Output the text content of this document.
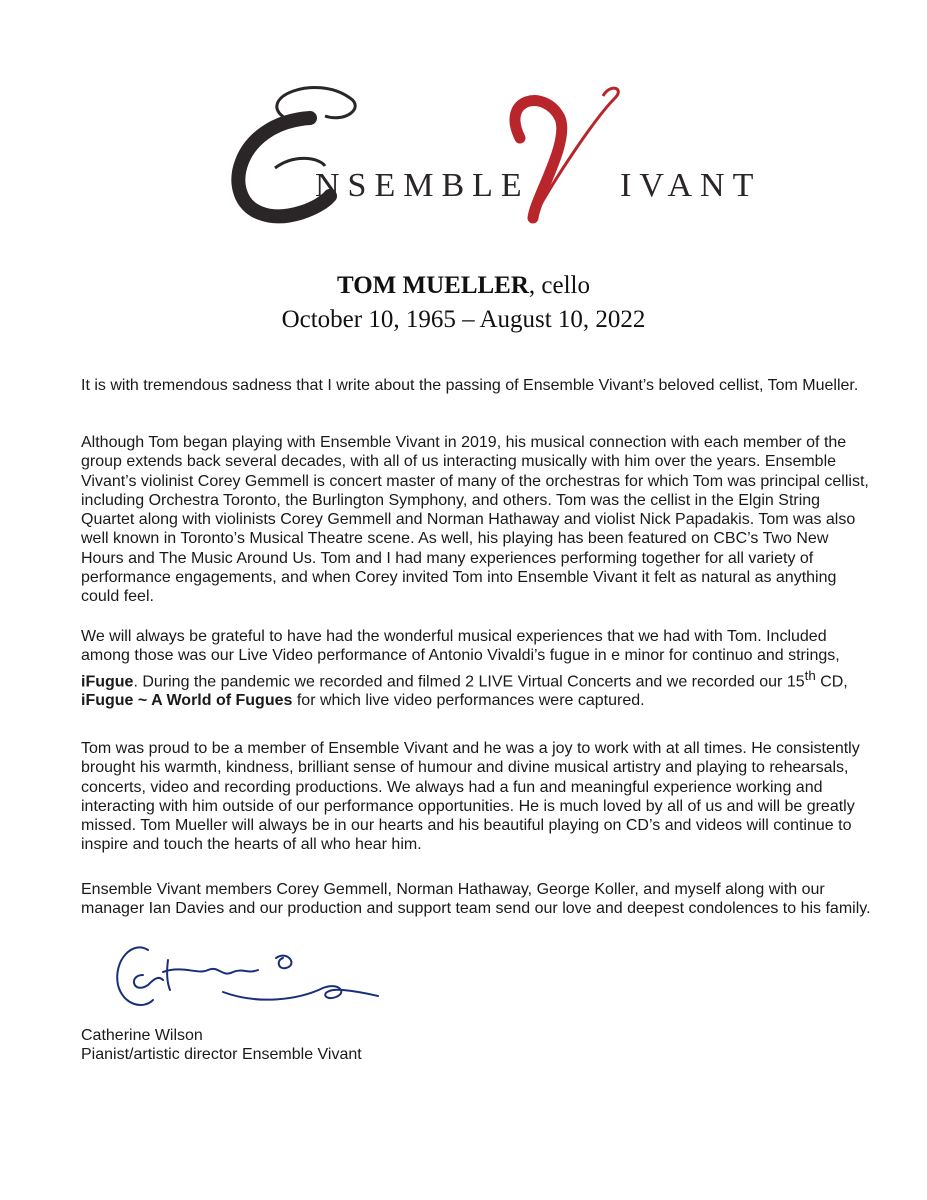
NSEMBLE	IVANT
TOM MUELLER, cello
October 10, 1965 – August 10, 2022

It is with tremendous sadness that I write about the passing of Ensemble Vivant’s beloved cellist, Tom Mueller.

Although Tom began playing with Ensemble Vivant in 2019, his musical connection with each member of the group extends back several decades, with all of us interacting musically with him over the years. Ensemble Vivant’s violinist Corey Gemmell is concert master of many of the orchestras for which Tom was principal cellist, including Orchestra Toronto, the Burlington Symphony, and others. Tom was the cellist in the Elgin String Quartet along with violinists Corey Gemmell and Norman Hathaway and violist Nick Papadakis. Tom was also well known in Toronto’s Musical Theatre scene. As well, his playing has been featured on CBC’s Two New Hours and The Music Around Us. Tom and I had many experiences performing together for all variety of performance engagements, and when Corey invited Tom into Ensemble Vivant it felt as natural as anything could feel.

We will always be grateful to have had the wonderful musical experiences that we had with Tom. Included among those was our Live Video performance of Antonio Vivaldi’s fugue in e minor for continuo and strings, iFugue. During the pandemic we recorded and filmed 2 LIVE Virtual Concerts and we recorded our 15th CD, iFugue ~ A World of Fugues for which live video performances were captured.

Tom was proud to be a member of Ensemble Vivant and he was a joy to work with at all times. He consistently brought his warmth, kindness, brilliant sense of humour and divine musical artistry and playing to rehearsals, concerts, video and recording productions. We always had a fun and meaningful experience working and interacting with him outside of our performance opportunities. He is much loved by all of us and will be greatly missed. Tom Mueller will always be in our hearts and his beautiful playing on CD’s and videos will continue to inspire and touch the hearts of all who hear him.

Ensemble Vivant members Corey Gemmell, Norman Hathaway, George Koller, and myself along with our manager Ian Davies and our production and support team send our love and deepest condolences to his family.

Catherine Wilson
Pianist/artistic director Ensemble Vivant
